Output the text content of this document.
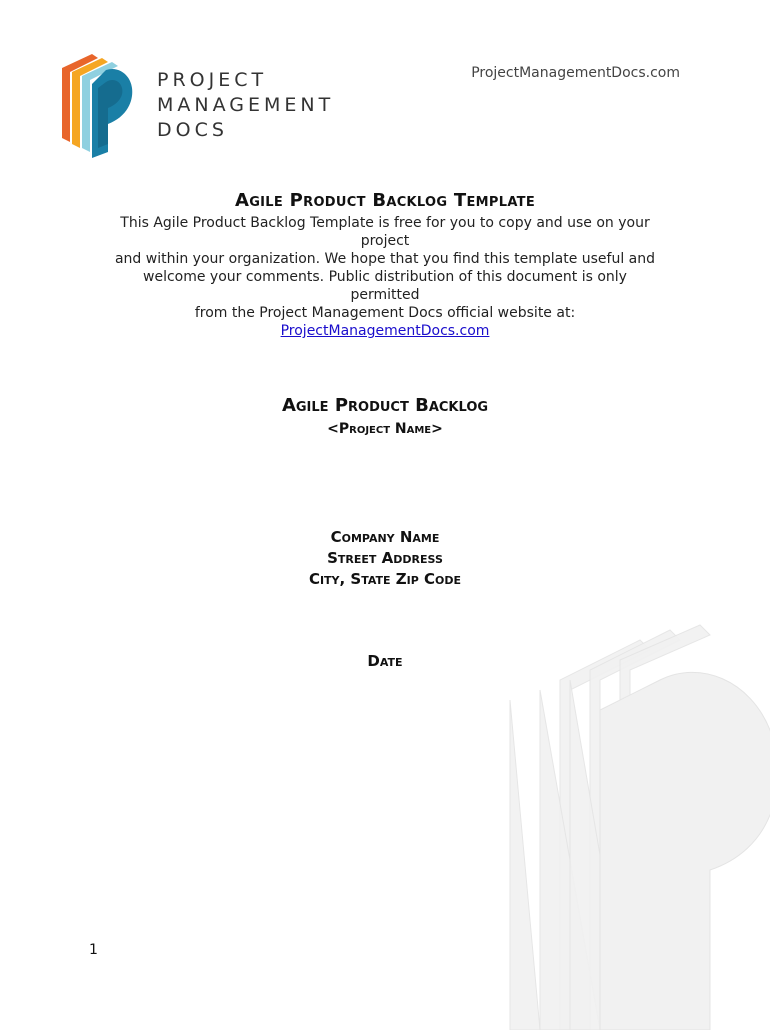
PROJECT
MANAGEMENT
DOCS
ProjectManagementDocs.com
Agile Product Backlog Template
This Agile Product Backlog Template is free for you to copy and use on your
project
and within your organization. We hope that you find this template useful and
welcome your comments. Public distribution of this document is only
permitted
from the Project Management Docs official website at:
ProjectManagementDocs.com
Agile Product Backlog
<Project Name>
Company Name
Street Address
City, State Zip Code
Date
1
